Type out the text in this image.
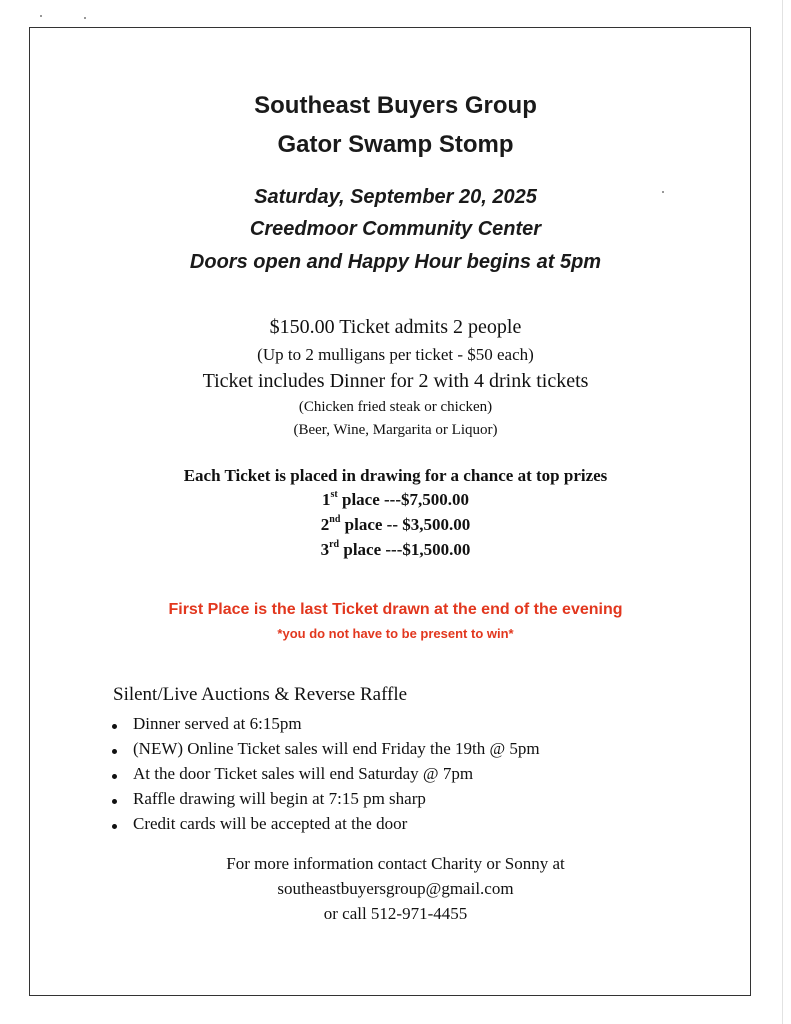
Southeast Buyers Group
Gator Swamp Stomp
Saturday, September 20, 2025
Creedmoor Community Center
Doors open and Happy Hour begins at 5pm
$150.00 Ticket admits 2 people
(Up to 2 mulligans per ticket - $50 each)
Ticket includes Dinner for 2 with 4 drink tickets
(Chicken fried steak or chicken)
(Beer, Wine, Margarita or Liquor)
Each Ticket is placed in drawing for a chance at top prizes
1st place ---$7,500.00
2nd place -- $3,500.00
3rd place ---$1,500.00
First Place is the last Ticket drawn at the end of the evening
*you do not have to be present to win*
Silent/Live Auctions & Reverse Raffle
Dinner served at 6:15pm
(NEW) Online Ticket sales will end Friday the 19th @ 5pm
At the door Ticket sales will end Saturday @ 7pm
Raffle drawing will begin at 7:15 pm sharp
Credit cards will be accepted at the door
For more information contact Charity or Sonny at
southeastbuyersgroup@gmail.com
or call 512-971-4455
